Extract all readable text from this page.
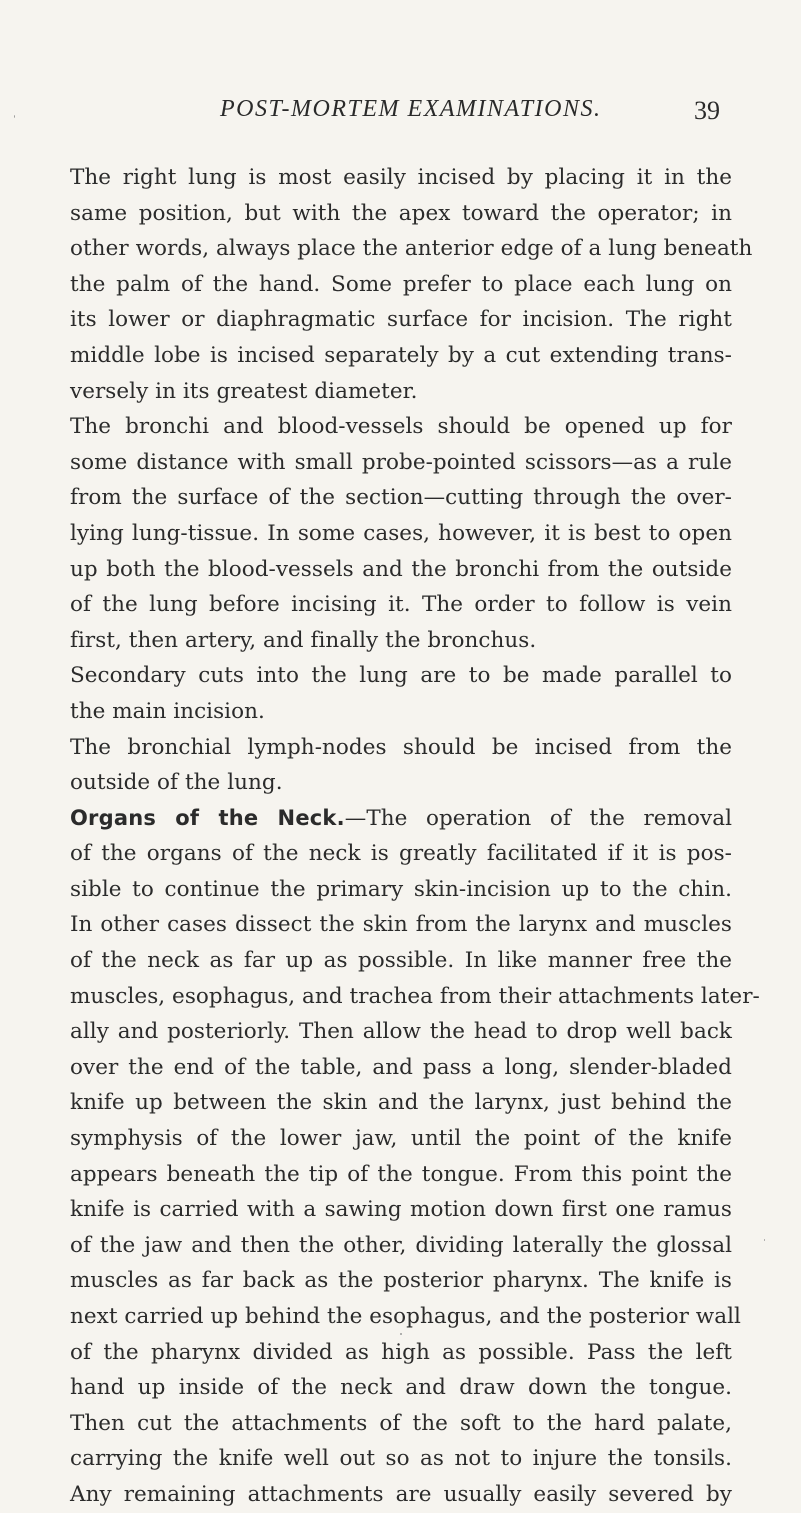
POST-MORTEM EXAMINATIONS.	39
The right lung is most easily incised by placing it in the
same position, but with the apex toward the operator; in
other words, always place the anterior edge of a lung beneath
the palm of the hand. Some prefer to place each lung on
its lower or diaphragmatic surface for incision. The right
middle lobe is incised separately by a cut extending trans-
versely in its greatest diameter.
The bronchi and blood-vessels should be opened up for
some distance with small probe-pointed scissors—as a rule
from the surface of the section—cutting through the over-
lying lung-tissue. In some cases, however, it is best to open
up both the blood-vessels and the bronchi from the outside
of the lung before incising it. The order to follow is vein
first, then artery, and finally the bronchus.
Secondary cuts into the lung are to be made parallel to
the main incision.
The bronchial lymph-nodes should be incised from the
outside of the lung.
Organs of the Neck.—The operation of the removal
of the organs of the neck is greatly facilitated if it is pos-
sible to continue the primary skin-incision up to the chin.
In other cases dissect the skin from the larynx and muscles
of the neck as far up as possible. In like manner free the
muscles, esophagus, and trachea from their attachments later-
ally and posteriorly. Then allow the head to drop well back
over the end of the table, and pass a long, slender-bladed
knife up between the skin and the larynx, just behind the
symphysis of the lower jaw, until the point of the knife
appears beneath the tip of the tongue. From this point the
knife is carried with a sawing motion down first one ramus
of the jaw and then the other, dividing laterally the glossal
muscles as far back as the posterior pharynx. The knife is
next carried up behind the esophagus, and the posterior wall
of the pharynx divided as high as possible. Pass the left
hand up inside of the neck and draw down the tongue.
Then cut the attachments of the soft to the hard palate,
carrying the knife well out so as not to injure the tonsils.
Any remaining attachments are usually easily severed by
